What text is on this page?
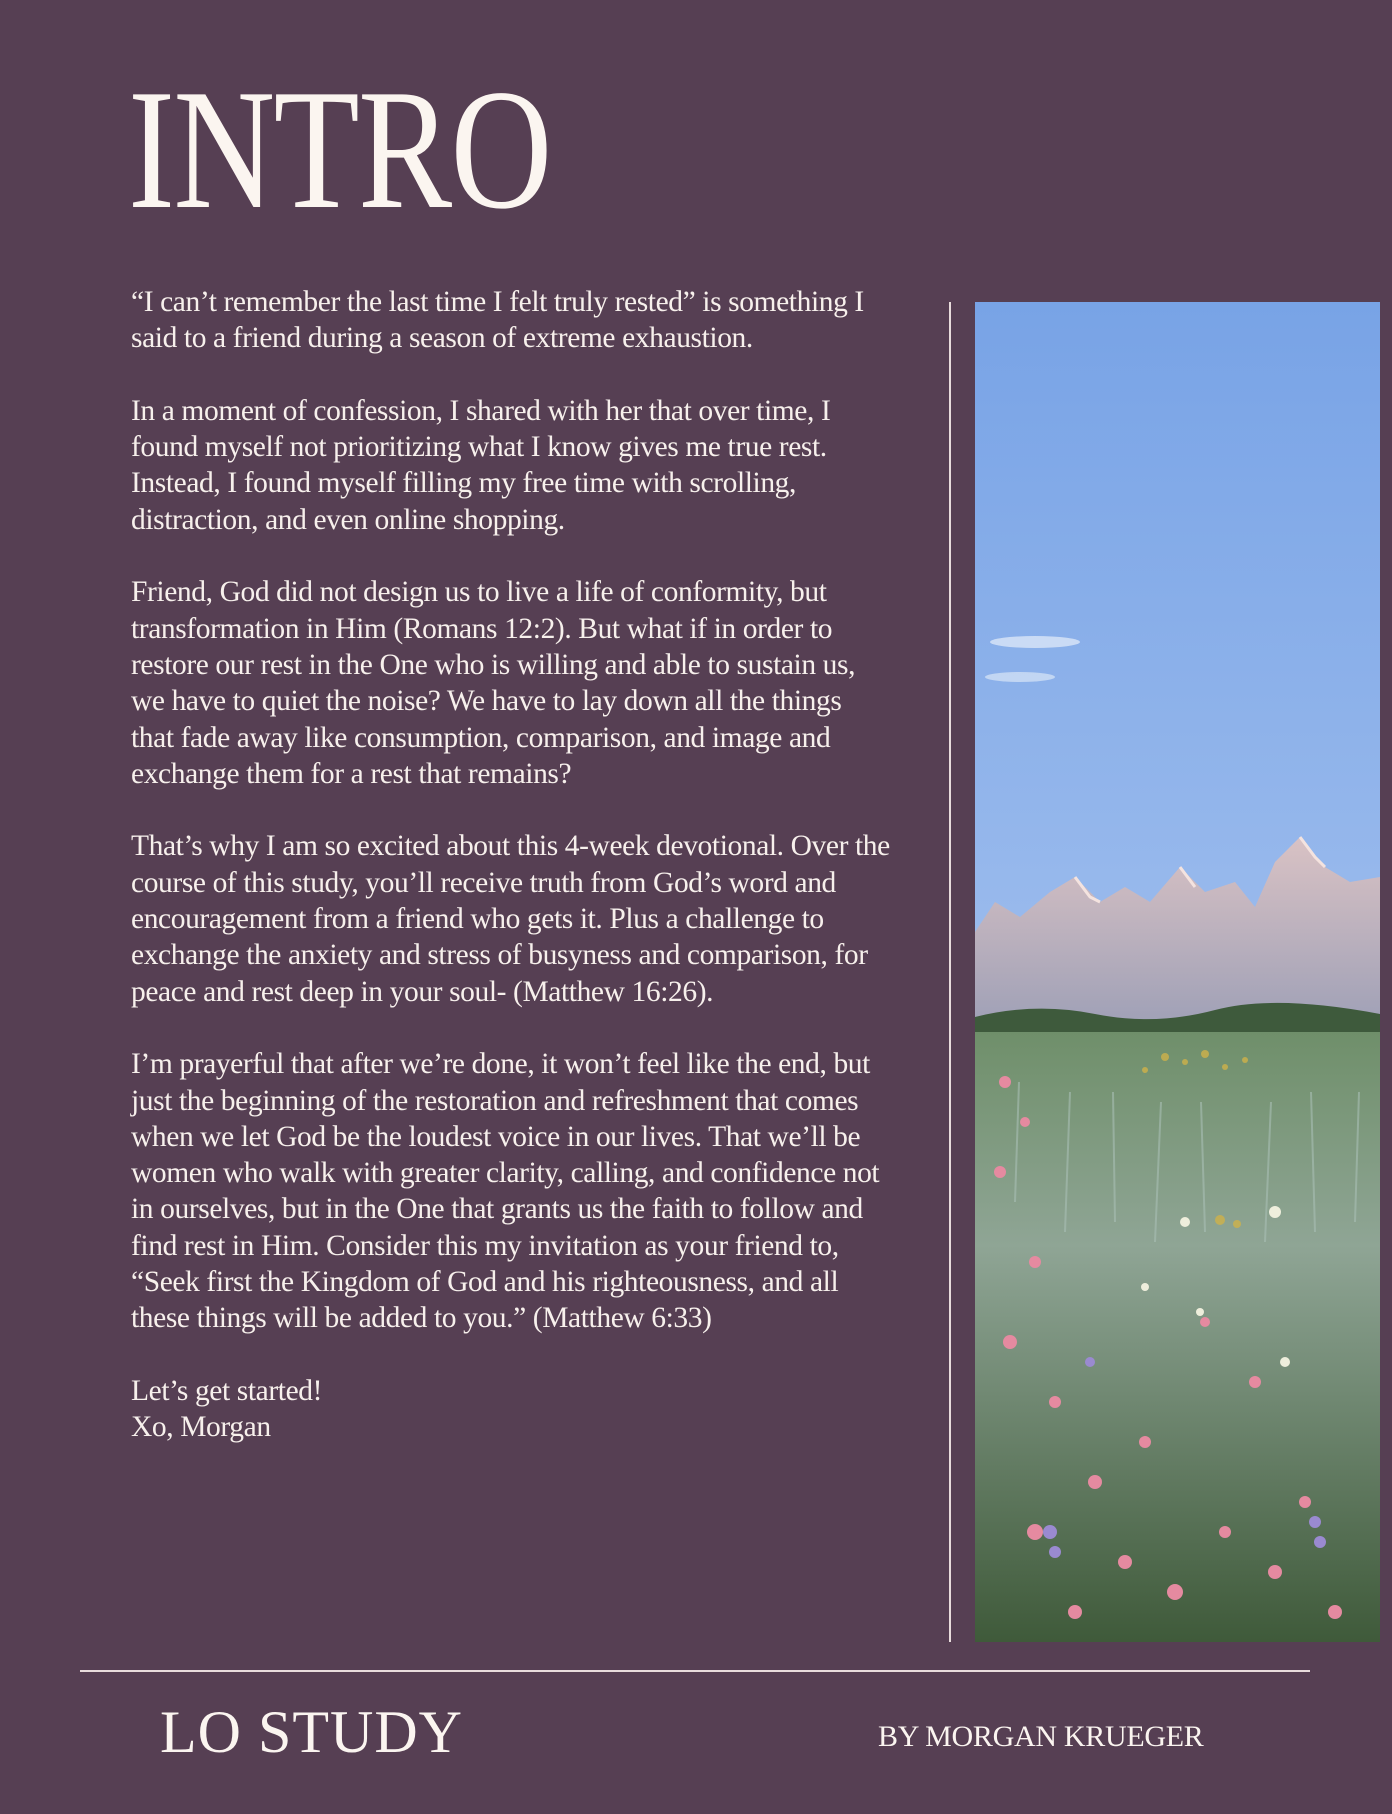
INTRO

“I can’t remember the last time I felt truly rested” is something I said to a friend during a season of extreme exhaustion.

In a moment of confession, I shared with her that over time, I found myself not prioritizing what I know gives me true rest. Instead, I found myself filling my free time with scrolling, distraction, and even online shopping.

Friend, God did not design us to live a life of conformity, but transformation in Him (Romans 12:2). But what if in order to restore our rest in the One who is willing and able to sustain us, we have to quiet the noise? We have to lay down all the things that fade away like consumption, comparison, and image and exchange them for a rest that remains?

That’s why I am so excited about this 4-week devotional. Over the course of this study, you’ll receive truth from God’s word and encouragement from a friend who gets it. Plus a challenge to exchange the anxiety and stress of busyness and comparison, for peace and rest deep in your soul- (Matthew 16:26).

I’m prayerful that after we’re done, it won’t feel like the end, but just the beginning of the restoration and refreshment that comes when we let God be the loudest voice in our lives. That we’ll be women who walk with greater clarity, calling, and confidence not in ourselves, but in the One that grants us the faith to follow and find rest in Him. Consider this my invitation as your friend to, “Seek first the Kingdom of God and his righteousness, and all these things will be added to you.” (Matthew 6:33)

Let’s get started!
Xo, Morgan

LO STUDY	BY MORGAN KRUEGER
